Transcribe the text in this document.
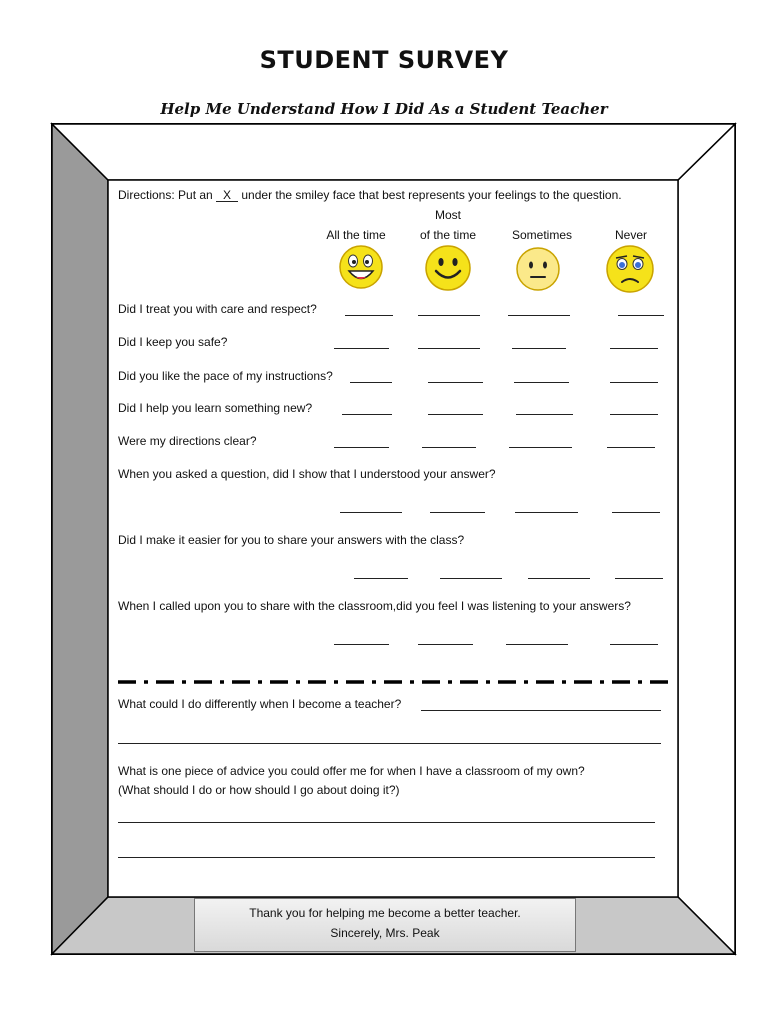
STUDENT SURVEY
Help Me Understand How I Did As a Student Teacher
Directions: Put an X under the smiley face that best represents your feelings to the question.
All the time
Most
of the time	Sometimes	Never
Did I treat you with care and respect?
Did I keep you safe?
Did you like the pace of my instructions?
Did I help you learn something new?
Were my directions clear?
When you asked a question, did I show that I understood your answer?
Did I make it easier for you to share your answers with the class?
When I called upon you to share with the classroom,did you feel I was listening to your answers?
What could I do differently when I become a teacher?
What is one piece of advice you could offer me for when I have a classroom of my own?
(What should I do or how should I go about doing it?)
Thank you for helping me become a better teacher.
Sincerely, Mrs. Peak
